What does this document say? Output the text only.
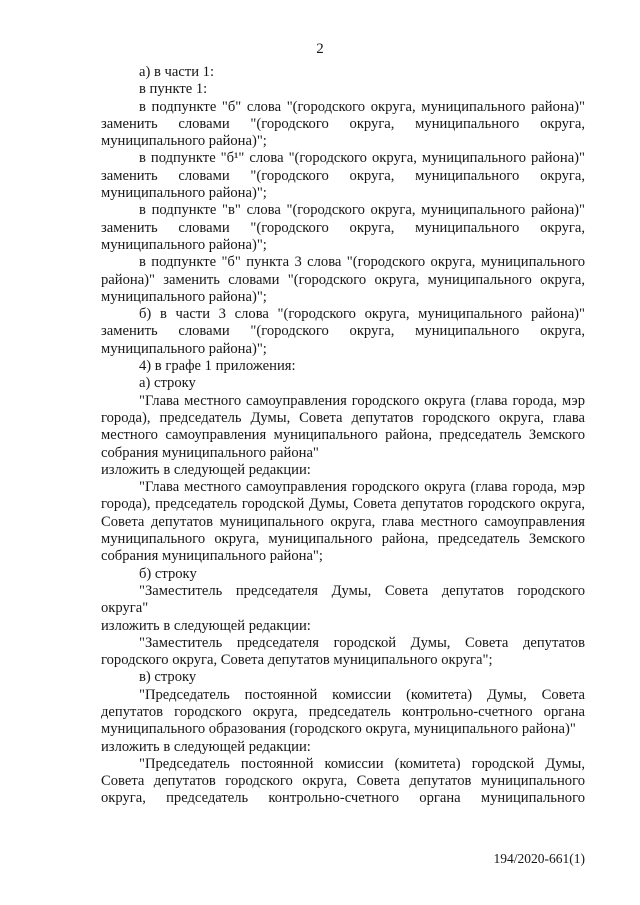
2

а) в части 1:

в пункте 1:

в подпункте "б" слова "(городского округа, муниципального района)" заменить словами "(городского округа, муниципального округа, муниципального района)";

в подпункте "б¹" слова "(городского округа, муниципального района)" заменить словами "(городского округа, муниципального округа, муниципального района)";

в подпункте "в" слова "(городского округа, муниципального района)" заменить словами "(городского округа, муниципального округа, муниципального района)";

в подпункте "б" пункта 3 слова "(городского округа, муниципального района)" заменить словами "(городского округа, муниципального округа, муниципального района)";

б) в части 3 слова "(городского округа, муниципального района)" заменить словами "(городского округа, муниципального округа, муниципального района)";

4) в графе 1 приложения:

а) строку

"Глава местного самоуправления городского округа (глава города, мэр города), председатель Думы, Совета депутатов городского округа, глава местного самоуправления муниципального района, председатель Земского собрания муниципального района"

изложить в следующей редакции:

"Глава местного самоуправления городского округа (глава города, мэр города), председатель городской Думы, Совета депутатов городского округа, Совета депутатов муниципального округа, глава местного самоуправления муниципального округа, муниципального района, председатель Земского собрания муниципального района";

б) строку

"Заместитель председателя Думы, Совета депутатов городского округа"

изложить в следующей редакции:

"Заместитель председателя городской Думы, Совета депутатов городского округа, Совета депутатов муниципального округа";

в) строку

"Председатель постоянной комиссии (комитета) Думы, Совета депутатов городского округа, председатель контрольно-счетного органа муниципального образования (городского округа, муниципального района)"

изложить в следующей редакции:

"Председатель постоянной комиссии (комитета) городской Думы, Совета депутатов городского округа, Совета депутатов муниципального округа, председатель контрольно-счетного органа муниципального

194/2020-661(1)
